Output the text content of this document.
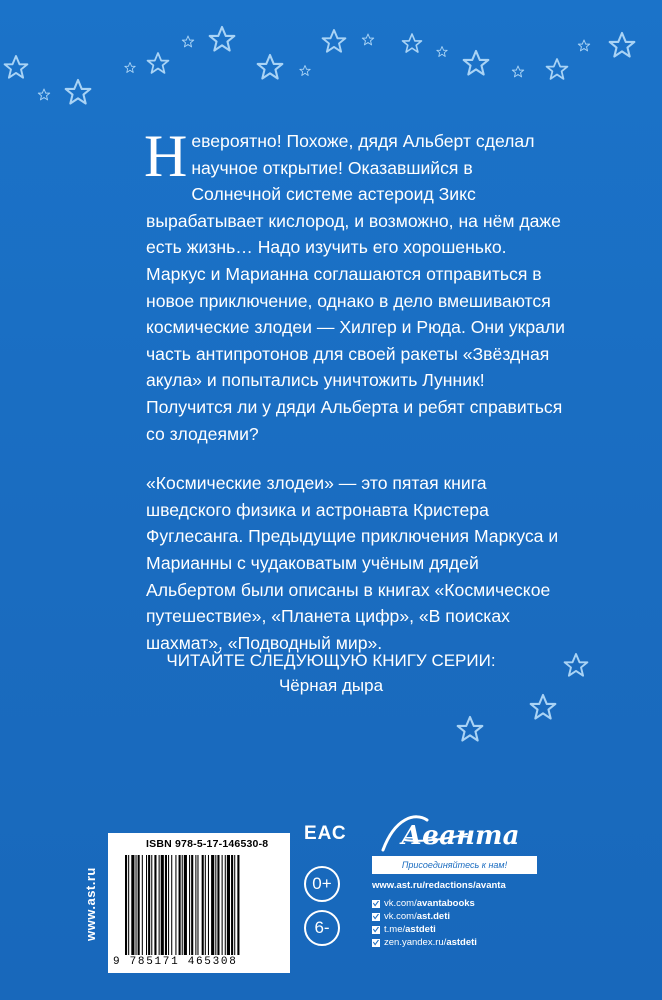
Невероятно! Похоже, дядя Альберт сделал научное открытие! Оказавшийся в Солнечной системе астероид Зикс вырабатывает кислород, и возможно, на нём даже есть жизнь… Надо изучить его хорошенько. Маркус и Марианна соглашаются отправиться в новое приключение, однако в дело вмешиваются космические злодеи — Хилгер и Рюда. Они украли часть антипротонов для своей ракеты «Звёздная акула» и попытались уничтожить Лунник! Получится ли у дяди Альберта и ребят справиться со злодеями?

«Космические злодеи» — это пятая книга шведского физика и астронавта Кристера Фуглесанга. Предыдущие приключения Маркуса и Марианны с чудаковатым учёным дядей Альбертом были описаны в книгах «Космическое путешествие», «Планета цифр», «В поисках шахмат», «Подводный мир».

ЧИТАЙТЕ СЛЕДУЮЩУЮ КНИГУ СЕРИИ:
Чёрная дыра
www.ast.ru
ISBN 978-5-17-146530-8
9 785171 465308
ЕАС
0+
6-
Аванта
Присоединяйтесь к нам!
www.ast.ru/redactions/avanta
vk.com/ avantabooks
vk.com/ ast.deti
t.me/ astdeti
zen.yandex.ru/ astdeti
